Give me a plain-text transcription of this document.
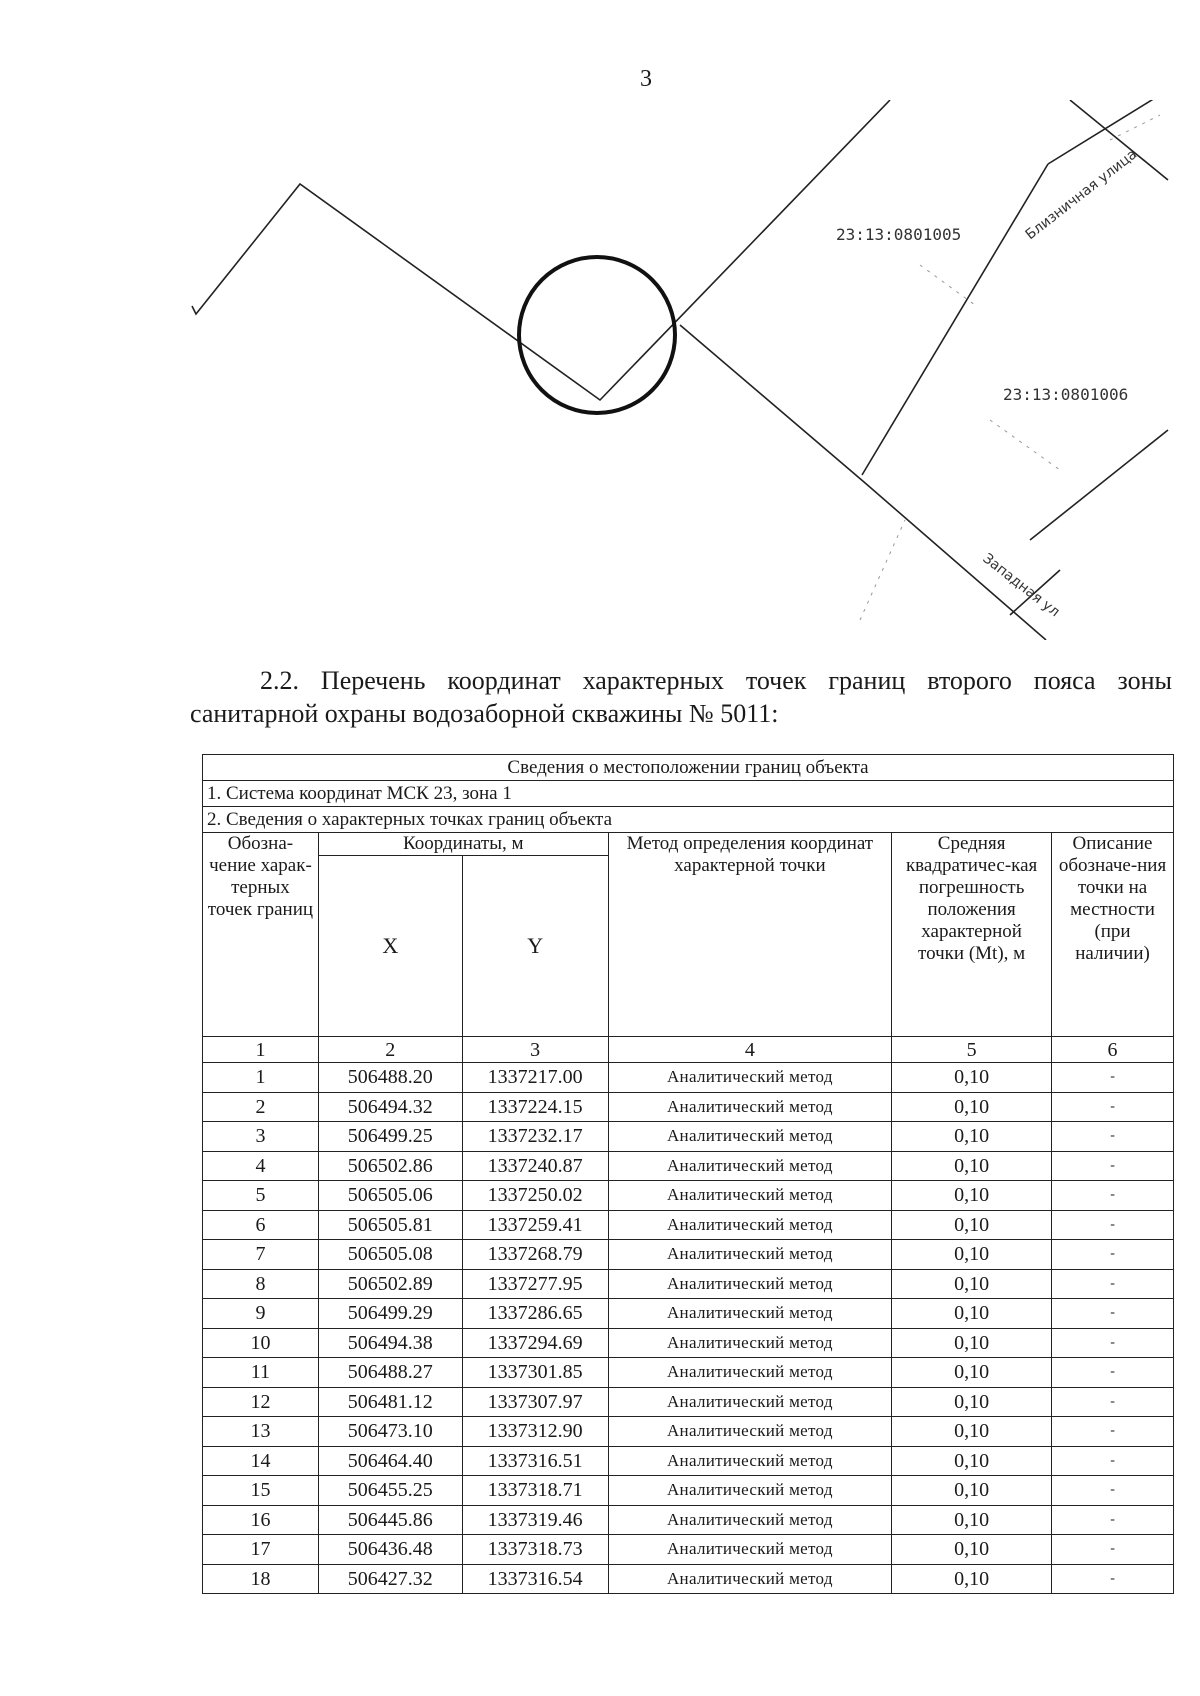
3
23:13:0801005
23:13:0801006
Близничная улица
Западная ул
2.2. Перечень координат характерных точек границ второго пояса зоны
санитарной охраны водозаборной скважины № 5011:
Сведения о местоположении границ объекта					
1. Система координат МСК 23, зона 1					
2. Сведения о характерных точках границ объекта					
Обозна-чение харак-терных точек границ	Координаты, м		Метод определения координат характерной точки	Средняя квадратичес-кая погрешность положения характерной точки (Mt), м	Описание обозначе-ния точки на местности (при наличии)
	X	Y			
1	2	3	4	5	6
1	506488.20	1337217.00	Аналитический метод	0,10	-
2	506494.32	1337224.15	Аналитический метод	0,10	-
3	506499.25	1337232.17	Аналитический метод	0,10	-
4	506502.86	1337240.87	Аналитический метод	0,10	-
5	506505.06	1337250.02	Аналитический метод	0,10	-
6	506505.81	1337259.41	Аналитический метод	0,10	-
7	506505.08	1337268.79	Аналитический метод	0,10	-
8	506502.89	1337277.95	Аналитический метод	0,10	-
9	506499.29	1337286.65	Аналитический метод	0,10	-
10	506494.38	1337294.69	Аналитический метод	0,10	-
11	506488.27	1337301.85	Аналитический метод	0,10	-
12	506481.12	1337307.97	Аналитический метод	0,10	-
13	506473.10	1337312.90	Аналитический метод	0,10	-
14	506464.40	1337316.51	Аналитический метод	0,10	-
15	506455.25	1337318.71	Аналитический метод	0,10	-
16	506445.86	1337319.46	Аналитический метод	0,10	-
17	506436.48	1337318.73	Аналитический метод	0,10	-
18	506427.32	1337316.54	Аналитический метод	0,10	-
